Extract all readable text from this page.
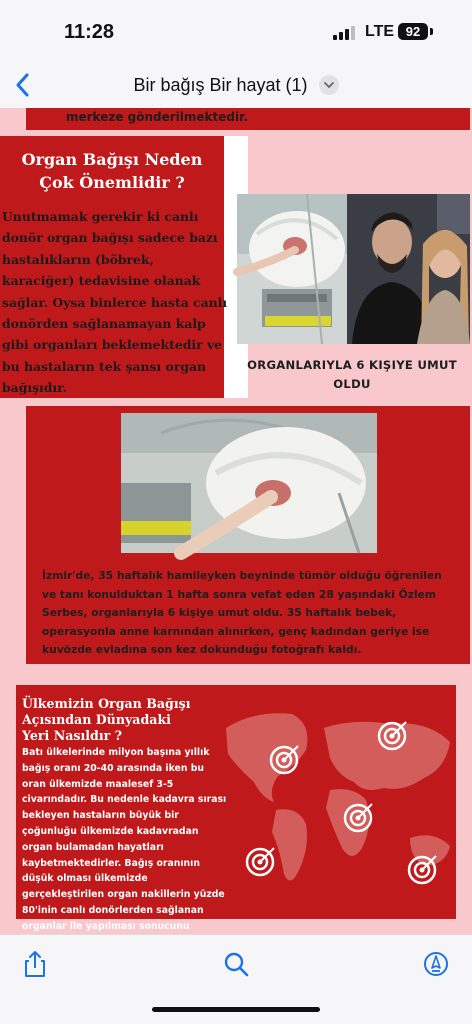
11:28	LTE 92
Bir bağış Bir hayat (1)
merkeze gönderilmektedir.
Organ Bağışı Neden Çok Önemlidir ?
Unutmamak gerekir ki canlı donör organ bağışı sadece bazı hastalıkların (böbrek, karaciğer) tedavisine olanak sağlar. Oysa binlerce hasta canlı donörden sağlanamayan kalp gibi organları beklemektedir ve bu hastaların tek şansı organ bağışıdır.
ORGANLARIYLA 6 KIŞIYE UMUT OLDU
İzmir'de, 35 haftalık hamileyken beyninde tümör olduğu öğrenilen ve tanı konulduktan 1 hafta sonra vefat eden 28 yaşındaki Özlem Serbes, organlarıyla 6 kişiye umut oldu. 35 haftalık bebek, operasyonla anne karnından alınırken, genç kadından geriye ise kuvözde evladına son kez dokunduğu fotoğrafı kaldı.
Ülkemizin Organ Bağışı Açısından Dünyadaki Yeri Nasıldır ?
Batı ülkelerinde milyon başına yıllık bağış oranı 20-40 arasında iken bu oran ülkemizde maalesef 3-5 civarındadır. Bu nedenle kadavra sırası bekleyen hastaların büyük bir çoğunluğu ülkemizde kadavradan organ bulamadan hayatları kaybetmektedirler. Bağış oranının düşük olması ülkemizde gerçekleştirilen organ nakillerin yüzde 80'inin canlı donörlerden sağlanan organlar ile yapılması sonucunu
